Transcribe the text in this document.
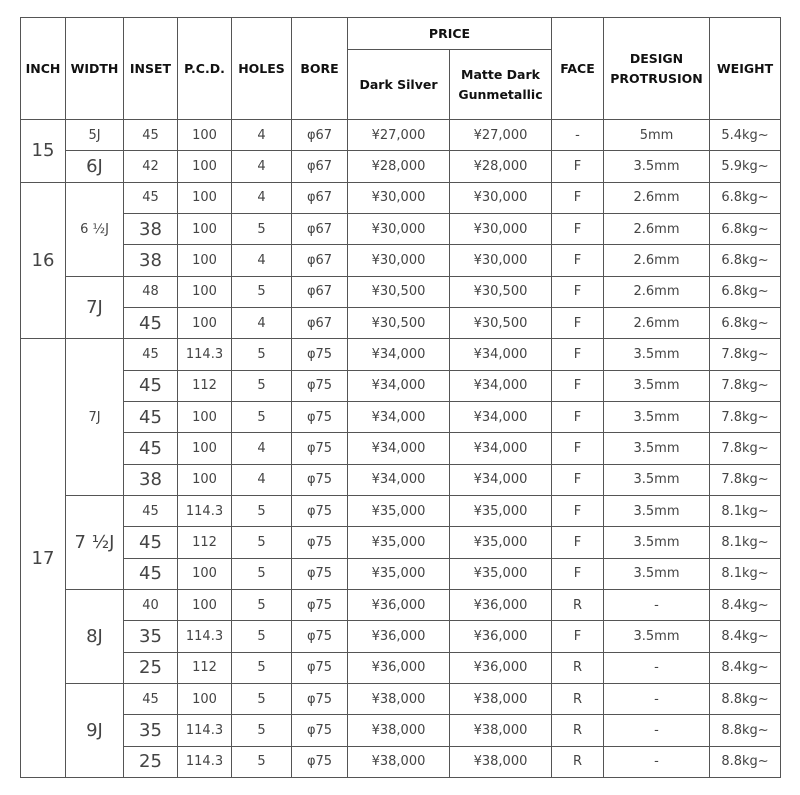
INCH	WIDTH	INSET	P.C.D.	HOLES	BORE	PRICE		FACE	DESIGN PROTRUSION	WEIGHT
						Dark Silver	Matte Dark Gunmetallic			
15	5J	45	100	4	φ67	¥27,000	¥27,000	-	5mm	5.4kg~
	6J	42	100	4	φ67	¥28,000	¥28,000	F	3.5mm	5.9kg~
16	6 ½J	45	100	4	φ67	¥30,000	¥30,000	F	2.6mm	6.8kg~
		38	100	5	φ67	¥30,000	¥30,000	F	2.6mm	6.8kg~
		38	100	4	φ67	¥30,000	¥30,000	F	2.6mm	6.8kg~
	7J	48	100	5	φ67	¥30,500	¥30,500	F	2.6mm	6.8kg~
		45	100	4	φ67	¥30,500	¥30,500	F	2.6mm	6.8kg~
17	7J	45	114.3	5	φ75	¥34,000	¥34,000	F	3.5mm	7.8kg~
		45	112	5	φ75	¥34,000	¥34,000	F	3.5mm	7.8kg~
		45	100	5	φ75	¥34,000	¥34,000	F	3.5mm	7.8kg~
		45	100	4	φ75	¥34,000	¥34,000	F	3.5mm	7.8kg~
		38	100	4	φ75	¥34,000	¥34,000	F	3.5mm	7.8kg~
	7 ½J	45	114.3	5	φ75	¥35,000	¥35,000	F	3.5mm	8.1kg~
		45	112	5	φ75	¥35,000	¥35,000	F	3.5mm	8.1kg~
		45	100	5	φ75	¥35,000	¥35,000	F	3.5mm	8.1kg~
	8J	40	100	5	φ75	¥36,000	¥36,000	R	-	8.4kg~
		35	114.3	5	φ75	¥36,000	¥36,000	F	3.5mm	8.4kg~
		25	112	5	φ75	¥36,000	¥36,000	R	-	8.4kg~
	9J	45	100	5	φ75	¥38,000	¥38,000	R	-	8.8kg~
		35	114.3	5	φ75	¥38,000	¥38,000	R	-	8.8kg~
		25	114.3	5	φ75	¥38,000	¥38,000	R	-	8.8kg~
